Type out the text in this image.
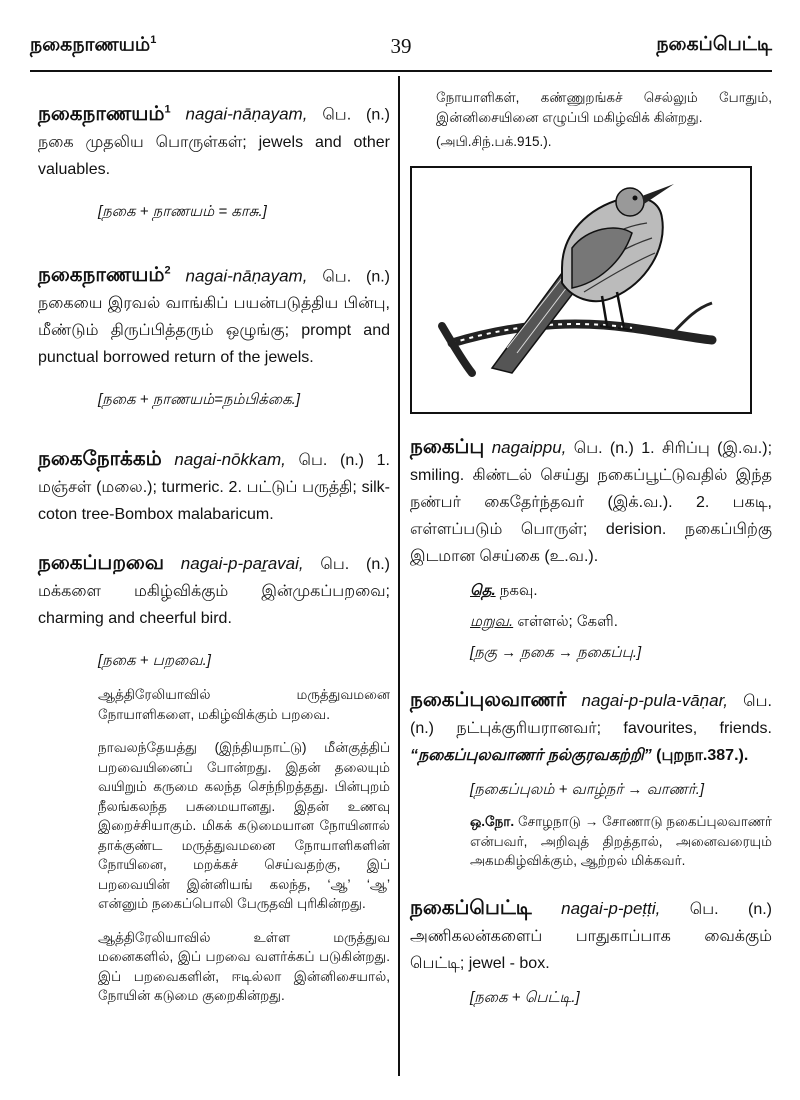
நகைநாணயம்$^1$	39	நகைப்பெட்டி
நகைநாணயம்$^1$ nagai-nāṇayam, பெ. (n.) நகை முதலிய பொருள்கள்; jewels and other valuables.
[நகை + நாணயம் = காசு.]
நகைநாணயம்$^2$ nagai-nāṇayam, பெ. (n.) நகையை இரவல் வாங்கிப் பயன்படுத்திய பின்பு, மீண்டும் திருப்பித்தரும் ஒழுங்கு; prompt and punctual borrowed return of the jewels.
[நகை + நாணயம்=நம்பிக்கை.]
நகைநோக்கம் nagai-nōkkam, பெ. (n.) 1. மஞ்சள் (மலை.); turmeric. 2. பட்டுப் பருத்தி; silk-coton tree-Bombox malabaricum.
நகைப்பறவை nagai-p-paṟavai, பெ. (n.) மக்களை மகிழ்விக்கும் இன்முகப்பறவை; charming and cheerful bird.
[நகை + பறவை.]
ஆத்திரேலியாவில் மருத்துவமனை நோயாளிகளை, மகிழ்விக்கும் பறவை.
நாவலந்தேயத்து (இந்தியநாட்டு) மீன்குத்திப் பறவையினைப் போன்றது. இதன் தலையும் வயிறும் கருமை கலந்த செந்நிறத்தது. பின்புறம் நீலங்கலந்த பசுமையானது. இதன் உணவு இறைச்சியாகும். மிகக் கடுமையான நோயினால் தாக்குண்ட மருத்துவமனை நோயாளிகளின் நோயினை, மறக்கச் செய்வதற்கு, இப் பறவையின் இன்னியங் கலந்த, ‘ஆ’ ‘ஆ’ என்னும் நகைப்பொலி பேருதவி புரிகின்றது.
ஆத்திரேலியாவில் உள்ள மருத்துவ மனைகளில், இப் பறவை வளர்க்கப் படுகின்றது. இப் பறவைகளின், ஈடில்லா இன்னிசையால், நோயின் கடுமை குறைகின்றது.
நோயாளிகள், கண்ணுறங்கச் செல்லும் போதும், இன்னிசையினை எழுப்பி மகிழ்விக் கின்றது.
(அபி.சிந்.பக்.915.).
நகைப்பு nagaippu, பெ. (n.) 1. சிரிப்பு (இ.வ.); smiling. கிண்டல் செய்து நகைப்பூட்டுவதில் இந்த நண்பர் கைதேர்ந்தவர் (இக்.வ.). 2. பகடி, எள்ளப்படும் பொருள்; derision. நகைப்பிற்கு இடமான செய்கை (உ.வ.).
தெ. நகவு.
மறுவ. எள்ளல்; கேளி.
[நகு → நகை → நகைப்பு.]
நகைப்புலவாணர் nagai-p-pula-vāṇar, பெ. (n.) நட்புக்குரியரானவர்; favourites, friends. “நகைப்புலவாணர் நல்குரவகற்றி” (புறநா.387.).
[நகைப்புலம் + வாழ்நர் → வாணர்.]
ஒ.நோ. சோழநாடு → சோணாடு நகைப்புலவாணர் என்பவர், அறிவுத் திறத்தால், அனைவரையும் அகமகிழ்விக்கும், ஆற்றல் மிக்கவர்.
நகைப்பெட்டி nagai-p-peṭṭi, பெ. (n.) அணிகலன்களைப் பாதுகாப்பாக வைக்கும் பெட்டி; jewel - box.
[நகை + பெட்டி.]
